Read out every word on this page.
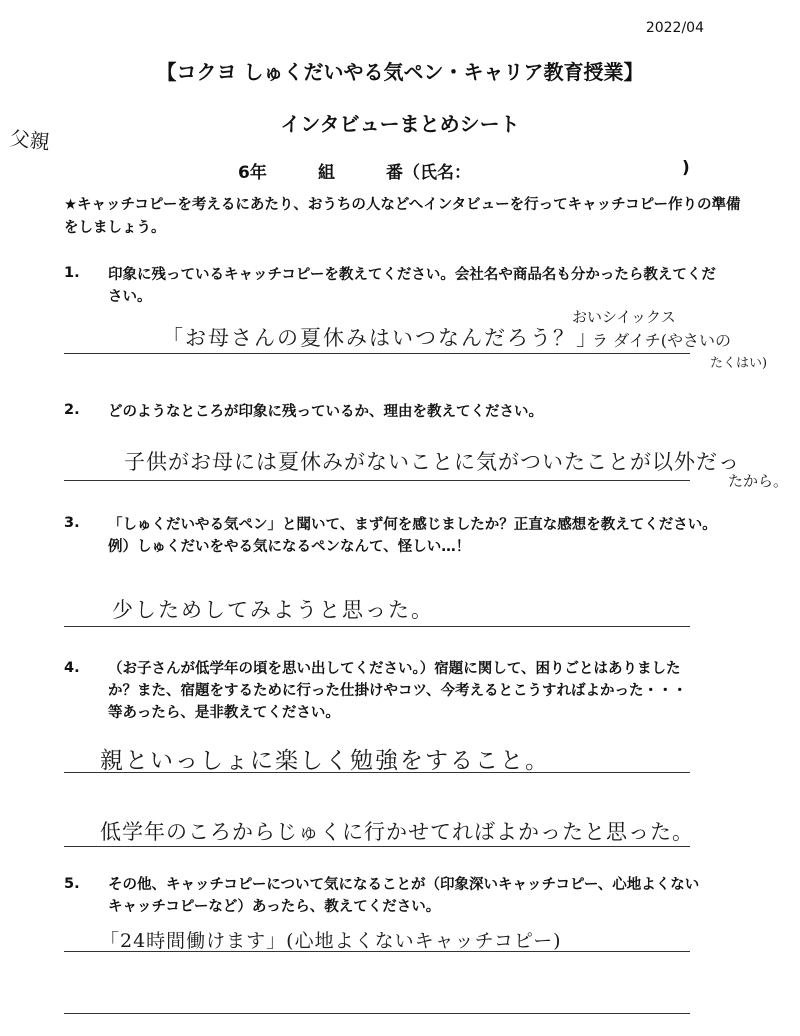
2022/04
【コクヨ しゅくだいやる気ペン・キャリア教育授業】
父親
インタビューまとめシート
6年	組	番（氏名：	)
★キャッチコピーを考えるにあたり、おうちの人などへインタビューを行ってキャッチコピー作りの準備をしましょう。
1. 印象に残っているキャッチコピーを教えてください。会社名や商品名も分かったら教えてください。
「お母さんの夏休みはいつなんだろう？」
おいシイックス
ラ ダイチ(やさいの
たくはい)
2. どのようなところが印象に残っているか、理由を教えてください。
子供がお母には夏休みがないことに気がついたことが以外だっ
たから。
3. 「しゅくだいやる気ペン」と聞いて、まず何を感じましたか？正直な感想を教えてください。
例）しゅくだいをやる気になるペンなんて、怪しい…！
少しためしてみようと思った。
4. （お子さんが低学年の頃を思い出してください。）宿題に関して、困りごとはありましたか？また、宿題をするために行った仕掛けやコツ、今考えるとこうすればよかった・・・等あったら、是非教えてください。
親といっしょに楽しく勉強をすること。
低学年のころからじゅくに行かせてればよかったと思った。
5. その他、キャッチコピーについて気になることが（印象深いキャッチコピー、心地よくないキャッチコピーなど）あったら、教えてください。
「24時間働けます」(心地よくないキャッチコピー)
